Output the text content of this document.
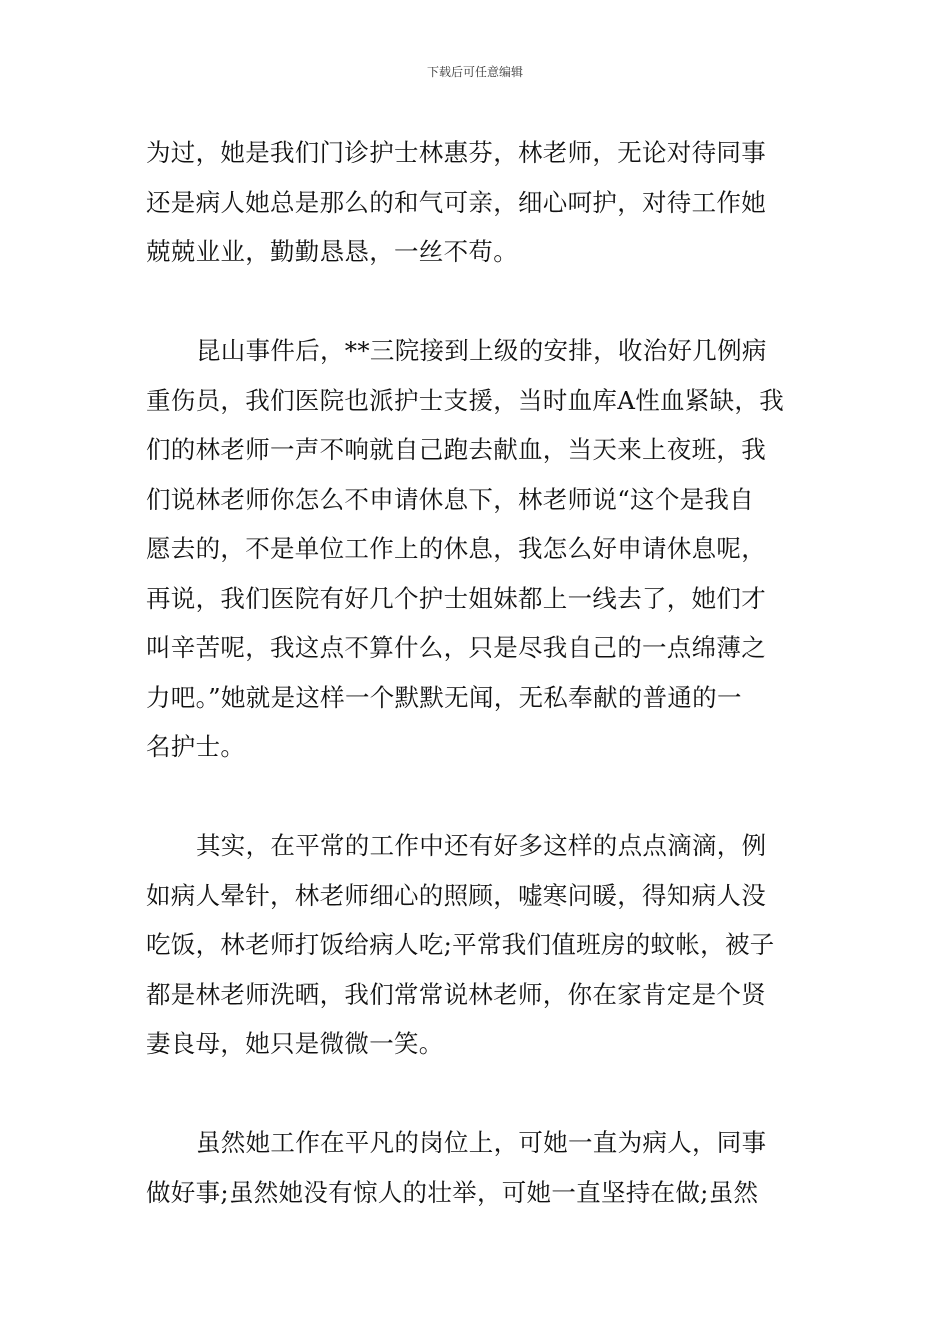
下载后可任意编辑
为过，她是我们门诊护士林惠芬，林老师，无论对待同事
还是病人她总是那么的和气可亲，细心呵护，对待工作她
兢兢业业，勤勤恳恳，一丝不苟。
昆山事件后，**三院接到上级的安排，收治好几例病
重伤员，我们医院也派护士支援，当时血库A性血紧缺，我
们的林老师一声不响就自己跑去献血，当天来上夜班，我
们说林老师你怎么不申请休息下，林老师说“这个是我自
愿去的，不是单位工作上的休息，我怎么好申请休息呢，
再说，我们医院有好几个护士姐妹都上一线去了，她们才
叫辛苦呢，我这点不算什么，只是尽我自己的一点绵薄之
力吧。”她就是这样一个默默无闻，无私奉献的普通的一
名护士。
其实，在平常的工作中还有好多这样的点点滴滴，例
如病人晕针，林老师细心的照顾，嘘寒问暖，得知病人没
吃饭，林老师打饭给病人吃;平常我们值班房的蚊帐，被子
都是林老师洗晒，我们常常说林老师，你在家肯定是个贤
妻良母，她只是微微一笑。
虽然她工作在平凡的岗位上，可她一直为病人，同事
做好事;虽然她没有惊人的壮举，可她一直坚持在做;虽然
